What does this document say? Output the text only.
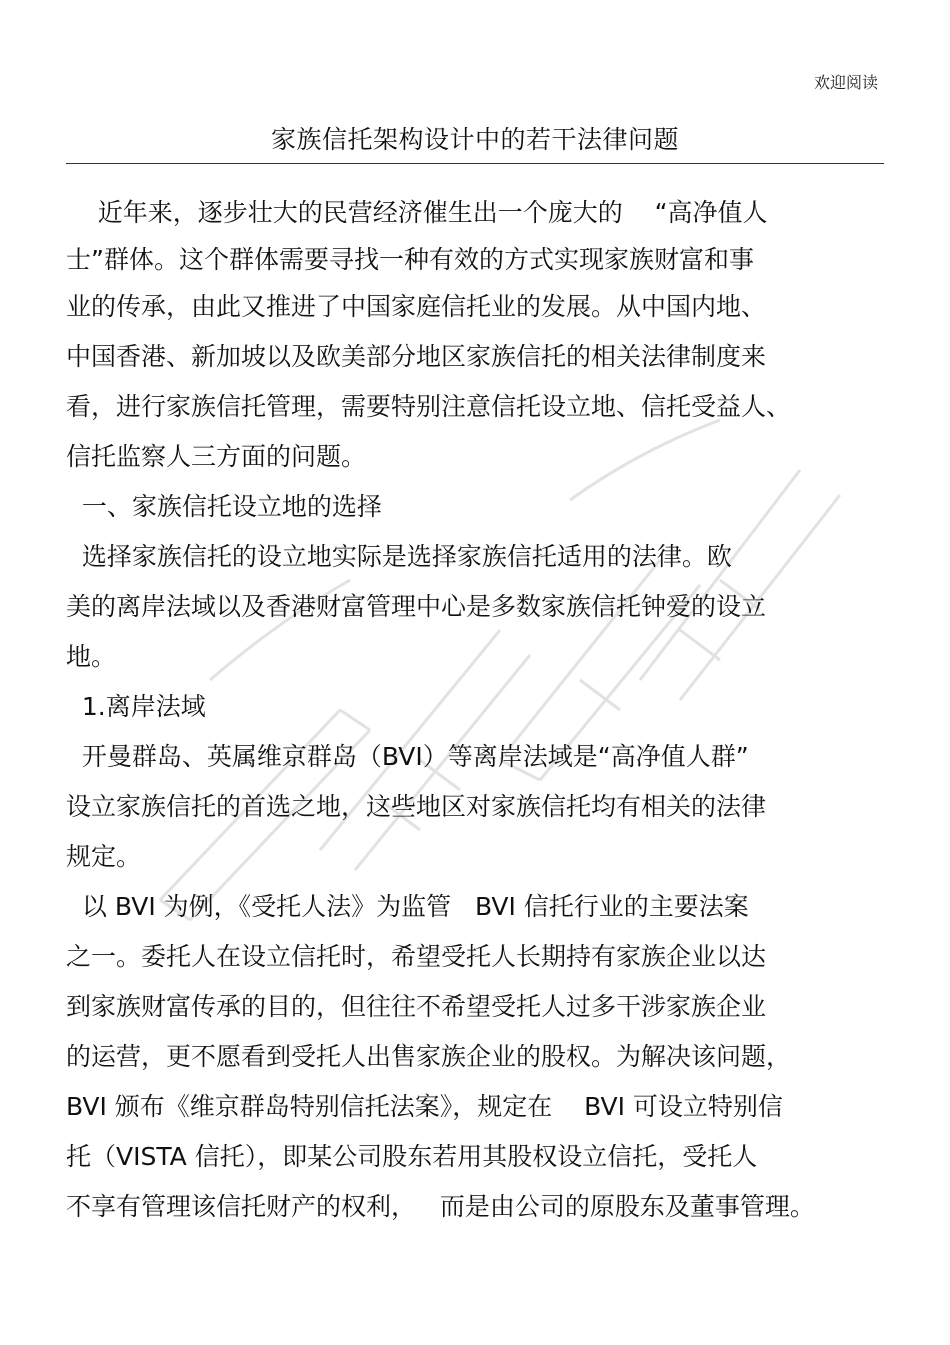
欢迎阅读
家族信托架构设计中的若干法律问题
近年来，逐步壮大的民营经济催生出一个庞大的    “高净值人
士”群体。这个群体需要寻找一种有效的方式实现家族财富和事
业的传承，由此又推进了中国家庭信托业的发展。从中国内地、
中国香港、新加坡以及欧美部分地区家族信托的相关法律制度来
看，进行家族信托管理，需要特别注意信托设立地、信托受益人、
信托监察人三方面的问题。
一、家族信托设立地的选择
选择家族信托的设立地实际是选择家族信托适用的法律。欧
美的离岸法域以及香港财富管理中心是多数家族信托钟爱的设立
地。
1.离岸法域
开曼群岛、英属维京群岛（BVI）等离岸法域是“高净值人群”
设立家族信托的首选之地，这些地区对家族信托均有相关的法律
规定。
以 BVI 为例，《受托人法》为监管   BVI 信托行业的主要法案
之一。委托人在设立信托时，希望受托人长期持有家族企业以达
到家族财富传承的目的，但往往不希望受托人过多干涉家族企业
的运营，更不愿看到受托人出售家族企业的股权。为解决该问题，
BVI 颁布《维京群岛特别信托法案》，规定在    BVI 可设立特别信
托（VISTA 信托），即某公司股东若用其股权设立信托，受托人
不享有管理该信托财产的权利，   而是由公司的原股东及董事管理。
